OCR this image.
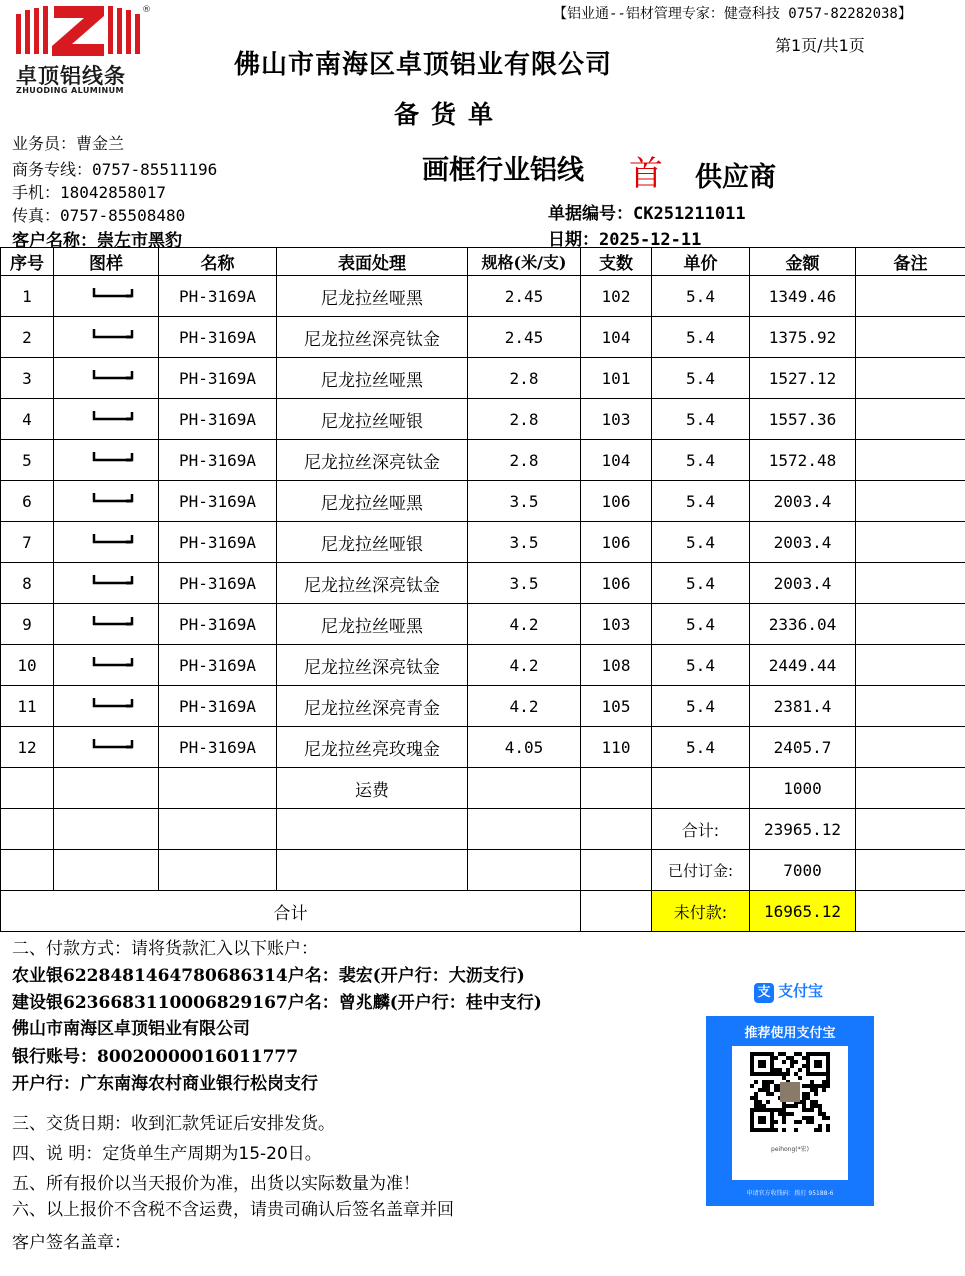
®
卓顶铝线条
ZHUODING ALUMINUM
【铝业通--铝材管理专家：健壹科技 0757-82282038】
第1页/共1页
佛山市南海区卓顶铝业有限公司
备货单
业务员：曹金兰
商务专线：0757-85511196
手机：18042858017
传真：0757-85508480
客户名称：崇左市黑豹
画框行业铝线 首 供应商
单据编号：CK251211011
日期：2025-12-11
序号	图样	名称	表面处理	规格(米/支)	支数	单价	金额	备注
1		PH-3169A	尼龙拉丝哑黑	2.45	102	5.4	1349.46	
2		PH-3169A	尼龙拉丝深亮钛金	2.45	104	5.4	1375.92	
3		PH-3169A	尼龙拉丝哑黑	2.8	101	5.4	1527.12	
4		PH-3169A	尼龙拉丝哑银	2.8	103	5.4	1557.36	
5		PH-3169A	尼龙拉丝深亮钛金	2.8	104	5.4	1572.48	
6		PH-3169A	尼龙拉丝哑黑	3.5	106	5.4	2003.4	
7		PH-3169A	尼龙拉丝哑银	3.5	106	5.4	2003.4	
8		PH-3169A	尼龙拉丝深亮钛金	3.5	106	5.4	2003.4	
9		PH-3169A	尼龙拉丝哑黑	4.2	103	5.4	2336.04	
10		PH-3169A	尼龙拉丝深亮钛金	4.2	108	5.4	2449.44	
11		PH-3169A	尼龙拉丝深亮青金	4.2	105	5.4	2381.4	
12		PH-3169A	尼龙拉丝亮玫瑰金	4.05	110	5.4	2405.7	
			运费				1000	
						合计:	23965.12	
						已付订金:	7000	
合计						未付款:	16965.12	
二、付款方式：请将货款汇入以下账户：
农业银6228481464780686314户名：裴宏(开户行：大沥支行)
建设银6236683110006829167户名：曾兆麟(开户行：桂中支行)
佛山市南海区卓顶铝业有限公司
银行账号：80020000016011777
开户行：广东南海农村商业银行松岗支行
三、交货日期：收到汇款凭证后安排发货。
四、说 明：定货单生产周期为15-20日。
五、所有报价以当天报价为准，出货以实际数量为准！
六、以上报价不含税不含运费，请贵司确认后签名盖章并回
客户签名盖章：
支 支付宝
推荐使用支付宝
peihong(*宏)
打开支付宝[扫一扫]
申请官方收钱码：拨打 95188-6
